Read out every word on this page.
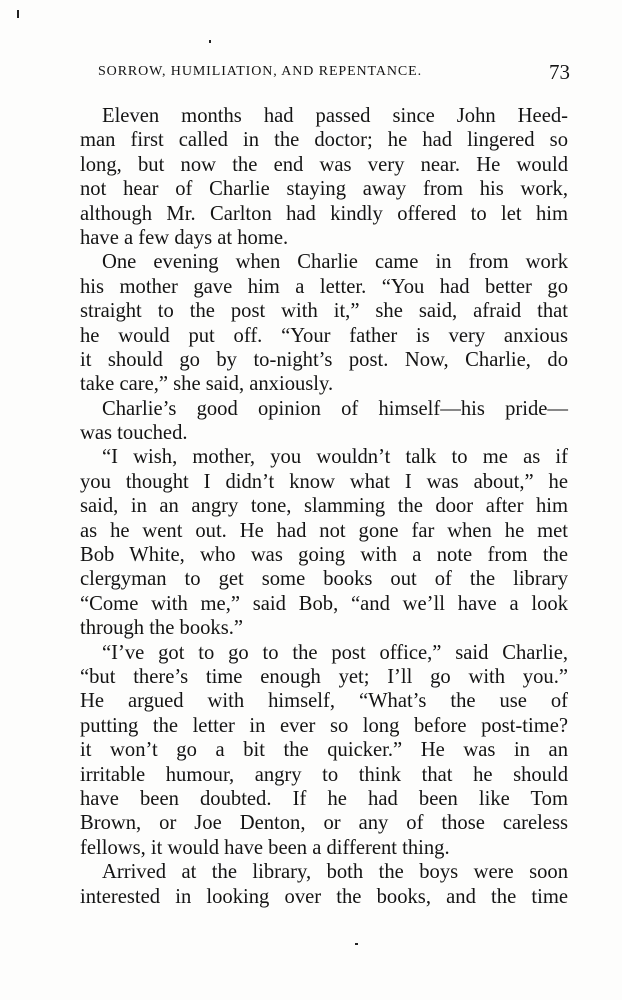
SORROW, HUMILIATION, AND REPENTANCE.	73
Eleven months had passed since John Heed-
man first called in the doctor; he had lingered so
long, but now the end was very near. He would
not hear of Charlie staying away from his work,
although Mr. Carlton had kindly offered to let him
have a few days at home.
One evening when Charlie came in from work
his mother gave him a letter. “You had better go
straight to the post with it,” she said, afraid that
he would put off. “Your father is very anxious
it should go by to-night’s post. Now, Charlie, do
take care,” she said, anxiously.
Charlie’s good opinion of himself—his pride—
was touched.
“I wish, mother, you wouldn’t talk to me as if
you thought I didn’t know what I was about,” he
said, in an angry tone, slamming the door after him
as he went out. He had not gone far when he met
Bob White, who was going with a note from the
clergyman to get some books out of the library
“Come with me,” said Bob, “and we’ll have a look
through the books.”
“I’ve got to go to the post office,” said Charlie,
“but there’s time enough yet; I’ll go with you.”
He argued with himself, “What’s the use of
putting the letter in ever so long before post-time?
it won’t go a bit the quicker.” He was in an
irritable humour, angry to think that he should
have been doubted. If he had been like Tom
Brown, or Joe Denton, or any of those careless
fellows, it would have been a different thing.
Arrived at the library, both the boys were soon
interested in looking over the books, and the time
